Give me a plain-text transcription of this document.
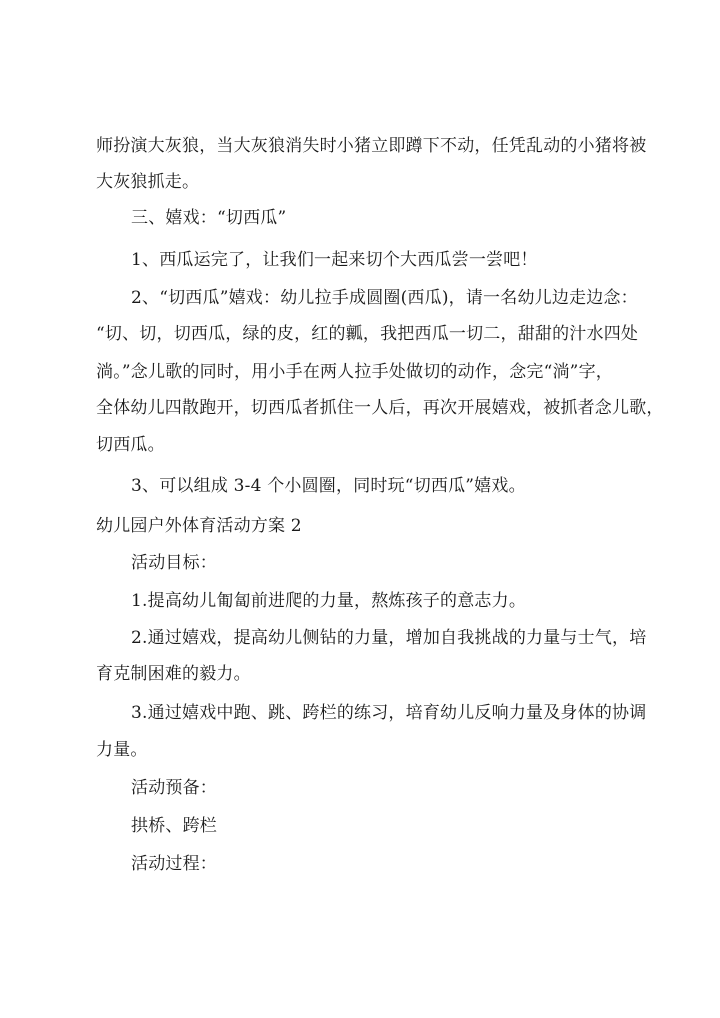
师扮演大灰狼，当大灰狼消失时小猪立即蹲下不动，任凭乱动的小猪将被
大灰狼抓走。
三、嬉戏：“切西瓜”
1、西瓜运完了，让我们一起来切个大西瓜尝一尝吧！
2、“切西瓜”嬉戏：幼儿拉手成圆圈(西瓜)，请一名幼儿边走边念：
“切、切，切西瓜，绿的皮，红的瓤，我把西瓜一切二，甜甜的汁水四处
淌。”念儿歌的同时，用小手在两人拉手处做切的动作，念完“淌”字，
全体幼儿四散跑开，切西瓜者抓住一人后，再次开展嬉戏，被抓者念儿歌，
切西瓜。
3、可以组成 3-4 个小圆圈，同时玩“切西瓜”嬉戏。
幼儿园户外体育活动方案 2
活动目标：
1.提高幼儿匍匐前进爬的力量，熬炼孩子的意志力。
2.通过嬉戏，提高幼儿侧钻的力量，增加自我挑战的力量与士气，培
育克制困难的毅力。
3.通过嬉戏中跑、跳、跨栏的练习，培育幼儿反响力量及身体的协调
力量。
活动预备：
拱桥、跨栏
活动过程：
